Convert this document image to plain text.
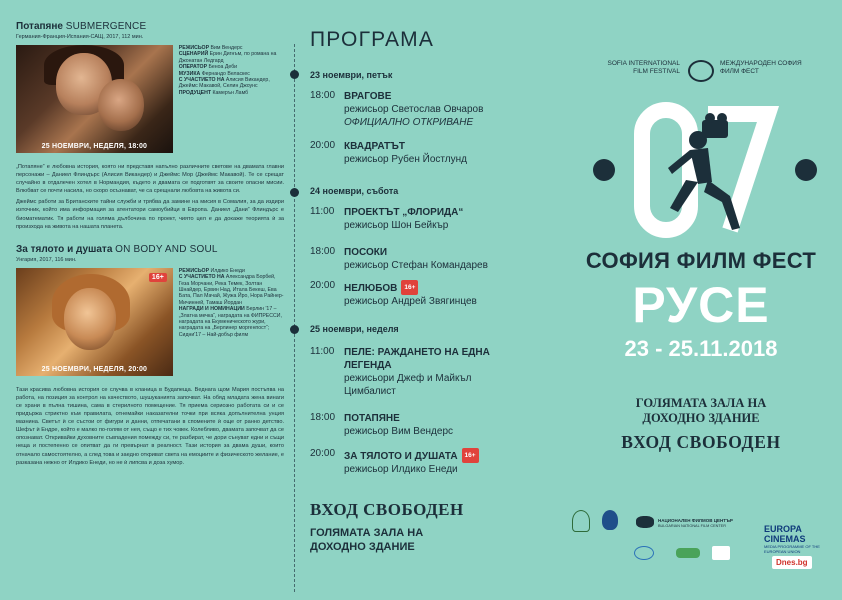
Потапяне SUBMERGENCE
Германия-Франция-Испания-САЩ, 2017, 112 мин.
25 НОЕМВРИ, НЕДЕЛЯ, 18:00
РЕЖИСЬОР Вим Вендерс
СЦЕНАРИЙ Ерин Дигнъм, по романа на Джонатан Ледгард
ОПЕРАТОР Беноа Деби
МУЗИКА Фернандо Веласкес
С УЧАСТИЕТО НА Алисия Викандер, Джеймс Макавой, Селин Джоунс
ПРОДУЦЕНТ Камерън Ламб

„Потапяне“ е любовна история, която ни представя напълно различните светове на двамата главни персонажи – Даниел Флиндърс (Алисия Викандер) и Джеймс Мор (Джеймс Макавой). Те се срещат случайно в отдалечен хотел в Нормандия, където и двамата се подготвят за своите опасни мисии. Влюбват се почти насила, но скоро осъзнават, че са срещнали любовта на живота си.

Джеймс работи за Британските тайни служби и трябва да замине на мисия в Сомалия, за да издири източник, който има информация за атентатори самоубийци в Европа. Даниел „Дани“ Флиндърс е биоматематик. Тя работи на голяма дълбочина по проект, чиято цел е да докаже теорията ѝ за произхода на живота на нашата планета.

За тялото и душата ON BODY AND SOUL
Унгария, 2017, 116 мин.
16+
25 НОЕМВРИ, НЕДЕЛЯ, 20:00
РЕЖИСЬОР Илдико Енеди
С УЧАСТИЕТО НА Александра Борбей, Геза Морчани, Река Темек, Золтан Шнайдер, Ервин Над, Итала Бекеш, Ева Бата, Пал Мачай, Жужа Йро, Нора Райнер-Мичинней, Тамаш Йордан
НАГРАДИ И НОМИНАЦИИ Берлин '17 – „Златна мечка“, наградата на ФИПРЕССИ, наградата на Екуменическото жури, наградата на „Берлинер моргенпост“; Сидни'17 – Най-добър филм

Тази красива любовна история се случва в кланица в Будапеща. Веднага щом Мария постъпва на работа, на позиция за контрол на качеството, шушуканията започват. На обяд младата жена винаги се храни в пълна тишина, сама в стерилното помещение. Тя приема сериозно работата си и се придържа стриктно към правилата, отнемайки наказателни точки при всяка допълнителна унция мазнина. Светът ѝ се състои от фигури и данни, отпечатани в спомените ѝ още от ранно детство. Шефът ѝ Ендре, който е малко по-голям от нея, също е тих човек. Колебливо, двамата започват да се опознават. Откривайки духовните съвпадения помежду си, те разбират, че дори сънуват едни и същи неща и постепенно се опитват да ги превърнат в реалност. Тази история за двама души, които отначало самостоятелно, а след това и заедно откриват света на емоциите и физическото желание, е разказана нежно от Илдико Енеди, но не ѝ липсва и доза хумор.

ПРОГРАМА
23 ноември, петък
18:00 ВРАГОВЕ
режисьор Светослав Овчаров
ОФИЦИАЛНО ОТКРИВАНЕ
20:00 КВАДРАТЪТ
режисьор Рубен Йостлунд
24 ноември, събота
11:00 ПРОЕКТЪТ „ФЛОРИДА“
режисьор Шон Бейкър
18:00 ПОСОКИ
режисьор Стефан Командарев
20:00 НЕЛЮБОВ 16+
режисьор Андрей Звягинцев
25 ноември, неделя
11:00 ПЕЛЕ: РАЖДАНЕТО НА ЕДНА ЛЕГЕНДА
режисьори Джеф и Майкъл Цимбалист
18:00 ПОТАПЯНЕ
режисьор Вим Вендерс
20:00 ЗА ТЯЛОТО И ДУШАТА 16+
режисьор Илдико Енеди
ВХОД СВОБОДЕН
ГОЛЯМАТА ЗАЛА НА ДОХОДНО ЗДАНИЕ
SOFIA INTERNATIONAL FILM FESTIVAL
МЕЖДУНАРОДЕН СОФИЯ ФИЛМ ФЕСТ
СОФИЯ ФИЛМ ФЕСТ
РУСЕ
23 - 25.11.2018
ГОЛЯМАТА ЗАЛА НА ДОХОДНО ЗДАНИЕ
ВХОД СВОБОДЕН
НАЦИОНАЛЕН ФИЛМОВ ЦЕНТЪР
BULGARIAN NATIONAL FILM CENTER	EUROPA CINEMAS
MEDIA PROGRAMME OF THE EUROPEAN UNION
Dnes.bg
